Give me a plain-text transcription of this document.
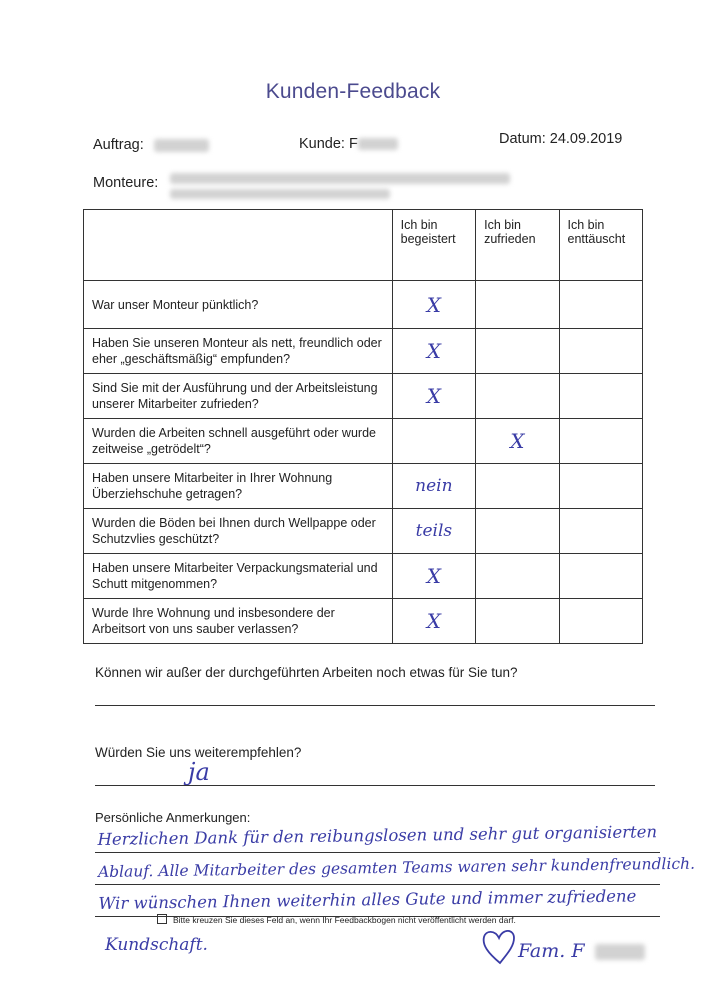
Kunden-Feedback
Auftrag:	Kunde: F	Datum: 24.09.2019
Monteure:
	Ich bin begeistert	Ich bin zufrieden	Ich bin enttäuscht
War unser Monteur pünktlich?	X		
Haben Sie unseren Monteur als nett, freundlich oder eher „geschäftsmäßig“ empfunden?	X		
Sind Sie mit der Ausführung und der Arbeitsleistung unserer Mitarbeiter zufrieden?	X		
Wurden die Arbeiten schnell ausgeführt oder wurde zeitweise „getrödelt“?		X	
Haben unsere Mitarbeiter in Ihrer Wohnung Überziehschuhe getragen?	nein		
Wurden die Böden bei Ihnen durch Wellpappe oder Schutzvlies geschützt?	teils		
Haben unsere Mitarbeiter Verpackungsmaterial und Schutt mitgenommen?	X		
Wurde Ihre Wohnung und insbesondere der Arbeitsort von uns sauber verlassen?	X		
Können wir außer der durchgeführten Arbeiten noch etwas für Sie tun?
Würden Sie uns weiterempfehlen?
ja
Persönliche Anmerkungen:
Herzlichen Dank für den reibungslosen und sehr gut organisierten
Ablauf. Alle Mitarbeiter des gesamten Teams waren sehr kundenfreundlich.
Wir wünschen Ihnen weiterhin alles Gute und immer zufriedene
Bitte kreuzen Sie dieses Feld an, wenn Ihr Feedbackbogen nicht veröffentlicht werden darf.
Kundschaft.	Fam. F
